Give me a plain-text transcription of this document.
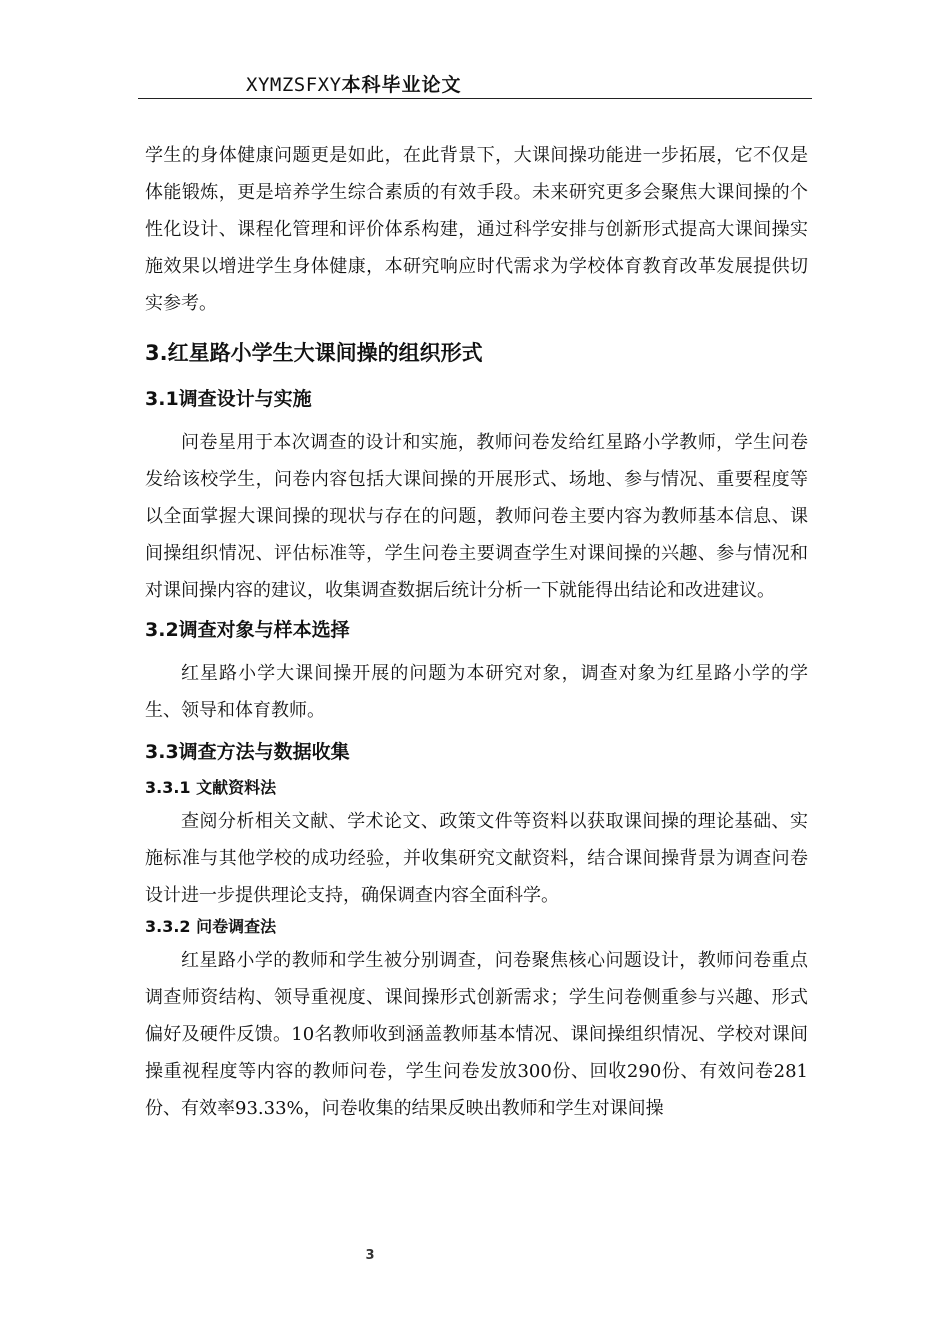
XYMZSFXY本科毕业论文

学生的身体健康问题更是如此，在此背景下，大课间操功能进一步拓展，它不仅是体能锻炼，更是培养学生综合素质的有效手段。未来研究更多会聚焦大课间操的个性化设计、课程化管理和评价体系构建，通过科学安排与创新形式提高大课间操实施效果以增进学生身体健康，本研究响应时代需求为学校体育教育改革发展提供切实参考。

3.红星路小学生大课间操的组织形式
3.1调查设计与实施

问卷星用于本次调查的设计和实施，教师问卷发给红星路小学教师，学生问卷发给该校学生，问卷内容包括大课间操的开展形式、场地、参与情况、重要程度等以全面掌握大课间操的现状与存在的问题，教师问卷主要内容为教师基本信息、课间操组织情况、评估标准等，学生问卷主要调查学生对课间操的兴趣、参与情况和对课间操内容的建议，收集调查数据后统计分析一下就能得出结论和改进建议。

3.2调查对象与样本选择

红星路小学大课间操开展的问题为本研究对象，调查对象为红星路小学的学生、领导和体育教师。

3.3调查方法与数据收集
3.3.1 文献资料法

查阅分析相关文献、学术论文、政策文件等资料以获取课间操的理论基础、实施标准与其他学校的成功经验，并收集研究文献资料，结合课间操背景为调查问卷设计进一步提供理论支持，确保调查内容全面科学。

3.3.2 问卷调查法

红星路小学的教师和学生被分别调查，问卷聚焦核心问题设计，教师问卷重点调查师资结构、领导重视度、课间操形式创新需求；学生问卷侧重参与兴趣、形式偏好及硬件反馈。10名教师收到涵盖教师基本情况、课间操组织情况、学校对课间操重视程度等内容的教师问卷，学生问卷发放300份、回收290份、有效问卷281份、有效率93.33%，问卷收集的结果反映出教师和学生对课间操

3
